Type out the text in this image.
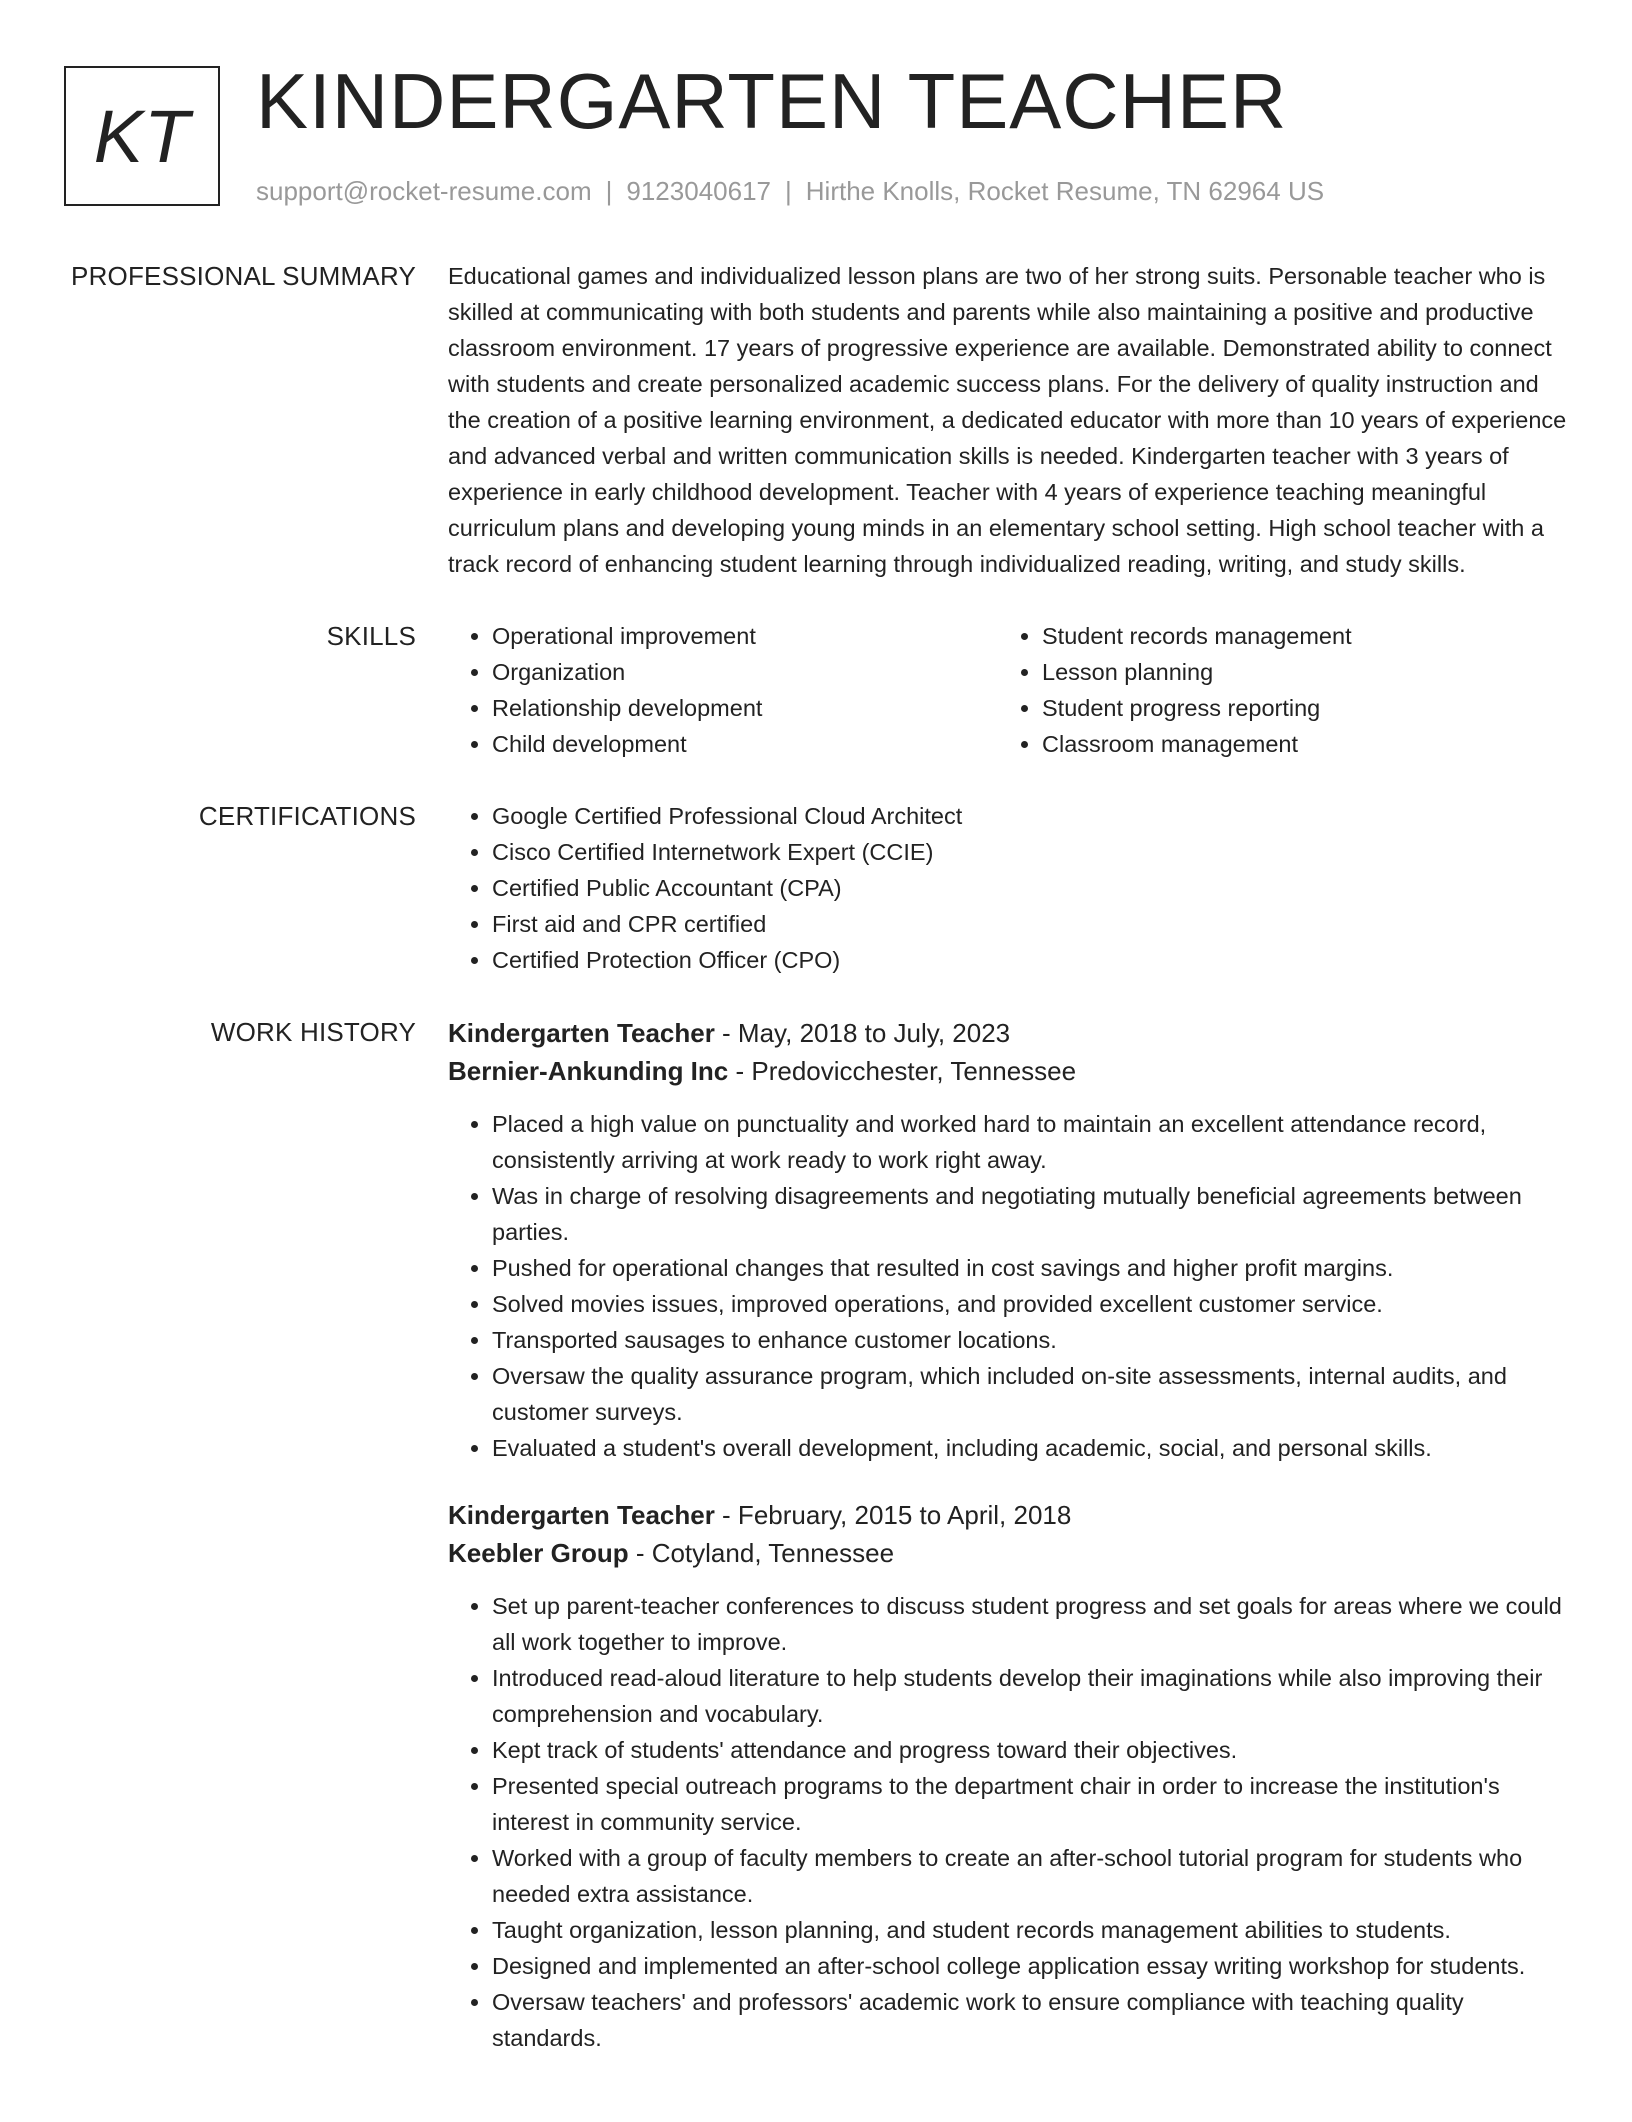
KT KINDERGARTEN TEACHER
support@rocket-resume.com | 9123040617 | Hirthe Knolls, Rocket Resume, TN 62964 US
PROFESSIONAL SUMMARY Educational games and individualized lesson plans are two of her strong suits. Personable teacher who is skilled at communicating with both students and parents while also maintaining a positive and productive classroom environment. 17 years of progressive experience are available. Demonstrated ability to connect with students and create personalized academic success plans. For the delivery of quality instruction and the creation of a positive learning environment, a dedicated educator with more than 10 years of experience and advanced verbal and written communication skills is needed. Kindergarten teacher with 3 years of experience in early childhood development. Teacher with 4 years of experience teaching meaningful curriculum plans and developing young minds in an elementary school setting. High school teacher with a track record of enhancing student learning through individualized reading, writing, and study skills.

SKILLS	• Operational improvement
• Organization
• Relationship development
• Child development
• Student records management
• Lesson planning
• Student progress reporting
• Classroom management
CERTIFICATIONS	• Google Certified Professional Cloud Architect
• Cisco Certified Internetwork Expert (CCIE)
• Certified Public Accountant (CPA)
• First aid and CPR certified
• Certified Protection Officer (CPO)
WORK HISTORY Kindergarten Teacher - May, 2018 to July, 2023
Bernier-Ankunding Inc - Predovicchester, Tennessee
• Placed a high value on punctuality and worked hard to maintain an excellent attendance record, consistently arriving at work ready to work right away.
• Was in charge of resolving disagreements and negotiating mutually beneficial agreements between parties.
• Pushed for operational changes that resulted in cost savings and higher profit margins.
• Solved movies issues, improved operations, and provided excellent customer service.
• Transported sausages to enhance customer locations.
• Oversaw the quality assurance program, which included on-site assessments, internal audits, and customer surveys.
• Evaluated a student's overall development, including academic, social, and personal skills.
Kindergarten Teacher - February, 2015 to April, 2018
Keebler Group - Cotyland, Tennessee
• Set up parent-teacher conferences to discuss student progress and set goals for areas where we could all work together to improve.
• Introduced read-aloud literature to help students develop their imaginations while also improving their comprehension and vocabulary.
• Kept track of students' attendance and progress toward their objectives.
• Presented special outreach programs to the department chair in order to increase the institution's interest in community service.
• Worked with a group of faculty members to create an after-school tutorial program for students who needed extra assistance.
• Taught organization, lesson planning, and student records management abilities to students.
• Designed and implemented an after-school college application essay writing workshop for students.
• Oversaw teachers' and professors' academic work to ensure compliance with teaching quality standards.
